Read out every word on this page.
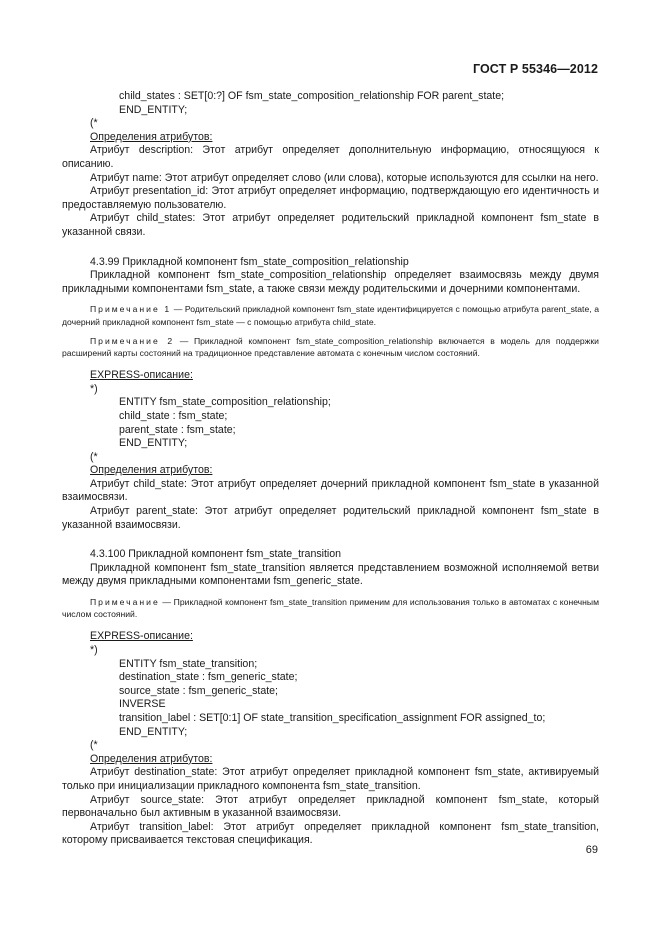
ГОСТ Р 55346—2012

child_states : SET[0:?] OF fsm_state_composition_relationship FOR parent_state;

END_ENTITY;

(*

Определения атрибутов:

Атрибут description: Этот атрибут определяет дополнительную информацию, относящуюся к описанию.

Атрибут name: Этот атрибут определяет слово (или слова), которые используются для ссылки на него.

Атрибут presentation_id: Этот атрибут определяет информацию, подтверждающую его идентичность и предоставляемую пользователю.

Атрибут child_states: Этот атрибут определяет родительский прикладной компонент fsm_state в указанной связи.

4.3.99 Прикладной компонент fsm_state_composition_relationship

Прикладной компонент fsm_state_composition_relationship определяет взаимосвязь между двумя прикладными компонентами fsm_state, а также связи между родительскими и дочерними компонентами.

Примечание 1 — Родительский прикладной компонент fsm_state идентифицируется с помощью атрибута parent_state, а дочерний прикладной компонент fsm_state — с помощью атрибута child_state.

Примечание 2 — Прикладной компонент fsm_state_composition_relationship включается в модель для поддержки расширений карты состояний на традиционное представление автомата с конечным числом состояний.

EXPRESS-описание:

*)

ENTITY fsm_state_composition_relationship;

child_state : fsm_state;

parent_state : fsm_state;

END_ENTITY;

(*

Определения атрибутов:

Атрибут child_state: Этот атрибут определяет дочерний прикладной компонент fsm_state в указанной взаимосвязи.

Атрибут parent_state: Этот атрибут определяет родительский прикладной компонент fsm_state в указанной взаимосвязи.

4.3.100 Прикладной компонент fsm_state_transition

Прикладной компонент fsm_state_transition является представлением возможной исполняемой ветви между двумя прикладными компонентами fsm_generic_state.

Примечание — Прикладной компонент fsm_state_transition применим для использования только в автоматах с конечным числом состояний.

EXPRESS-описание:

*)

ENTITY fsm_state_transition;

destination_state : fsm_generic_state;

source_state : fsm_generic_state;

INVERSE

transition_label : SET[0:1] OF state_transition_specification_assignment FOR assigned_to;

END_ENTITY;

(*

Определения атрибутов:

Атрибут destination_state: Этот атрибут определяет прикладной компонент fsm_state, активируемый только при инициализации прикладного компонента fsm_state_transition.

Атрибут source_state: Этот атрибут определяет прикладной компонент fsm_state, который первоначально был активным в указанной взаимосвязи.

Атрибут transition_label: Этот атрибут определяет прикладной компонент fsm_state_transition, которому присваивается текстовая спецификация.

69
